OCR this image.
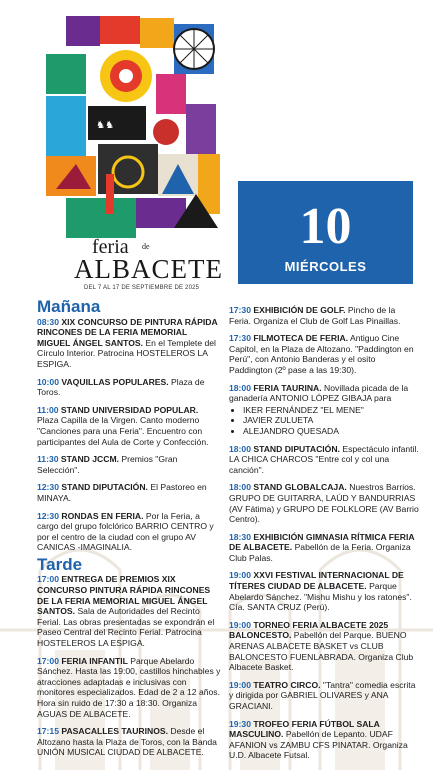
♞♞
feria de
ALBACETE
DEL 7 AL 17 DE SEPTIEMBRE DE 2025
10
MIÉRCOLES
Mañana
08:30 XIX CONCURSO DE PINTURA RÁPIDA RINCONES DE LA FERIA MEMORIAL MIGUEL ÁNGEL SANTOS. En el Templete del Círculo Interior. Patrocina HOSTELEROS LA ESPIGA.
10:00 VAQUILLAS POPULARES. Plaza de Toros.
11:00 STAND UNIVERSIDAD POPULAR. Plaza Capilla de la Virgen. Canto moderno "Canciones para una Feria". Encuentro con participantes del Aula de Corte y Confección.
11:30 STAND JCCM. Premios "Gran Selección".
12:30 STAND DIPUTACIÓN. El Pastoreo en MINAYA.
12:30 RONDAS EN FERIA. Por la Feria, a cargo del grupo folclórico BARRIO CENTRO y por el centro de la ciudad con el grupo AV CANICAS -IMAGINALIA.
Tarde
17:00 ENTREGA DE PREMIOS XIX CONCURSO PINTURA RÁPIDA RINCONES DE LA FERIA MEMORIAL MIGUEL ÁNGEL SANTOS. Sala de Autoridades del Recinto Ferial. Las obras presentadas se expondrán el Paseo Central del Recinto Ferial. Patrocina HOSTELEROS LA ESPIGA.
17:00 FERIA INFANTIL Parque Abelardo Sánchez. Hasta las 19:00, castillos hinchables y atracciones adaptadas e inclusivas con monitores especializados. Edad de 2 a 12 años. Hora sin ruido de 17:30 a 18:30. Organiza AGUAS DE ALBACETE.
17:15 PASACALLES TAURINOS. Desde el Altozano hasta la Plaza de Toros, con la Banda UNIÓN MUSICAL CIUDAD DE ALBACETE.
17:30 EXHIBICIÓN DE GOLF. Pincho de la Feria. Organiza el Club de Golf Las Pinaillas.
17:30 FILMOTECA DE FERIA. Antiguo Cine Capitol, en la Plaza de Altozano. "Paddington en Perú", con Antonio Banderas y el osito Paddington (2º pase a las 19:30).
18:00 FERIA TAURINA. Novillada picada de la ganadería ANTONIO LÓPEZ GIBAJA para
• IKER FERNÁNDEZ "EL MENE"
• JAVIER ZULUETA
• ALEJANDRO QUESADA
18:00 STAND DIPUTACIÓN. Espectáculo infantil. LA CHICA CHARCOS "Entre col y col una canción".
18:00 STAND GLOBALCAJA. Nuestros Barrios. GRUPO DE GUITARRA, LAÚD Y BANDURRIAS (AV Fátima) y GRUPO DE FOLKLORE (AV Barrio Centro).
18:30 EXHIBICIÓN GIMNASIA RÍTMICA FERIA DE ALBACETE. Pabellón de la Feria. Organiza Club Palas.
19:00 XXVI FESTIVAL INTERNACIONAL DE TÍTERES CIUDAD DE ALBACETE. Parque Abelardo Sánchez. "Mishu Mishu y los ratones". Cía. SANTA CRUZ (Perú).
19:00 TORNEO FERIA ALBACETE 2025 BALONCESTO. Pabellón del Parque. BUENO ARENAS ALBACETE BASKET vs CLUB BALONCESTO FUENLABRADA. Organiza Club Albacete Basket.
19:00 TEATRO CIRCO. "Tantra" comedia escrita y dirigida por GABRIEL OLIVARES y ANA GRACIANI.
19:30 TROFEO FERIA FÚTBOL SALA MASCULINO. Pabellón de Lepanto. UDAF AFANION vs ZAMBU CFS PINATAR. Organiza U.D. Albacete Futsal.
